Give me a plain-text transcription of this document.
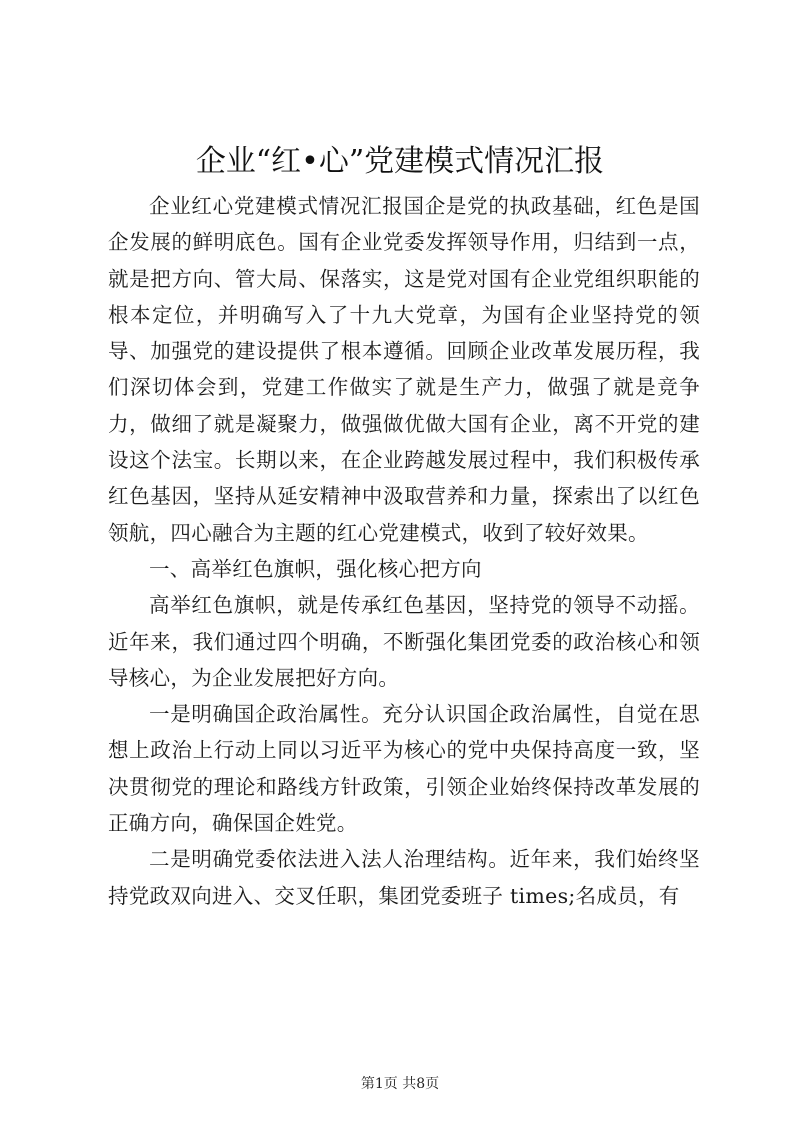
企业“红•心”党建模式情况汇报

企业红心党建模式情况汇报国企是党的执政基础，红色是国企发展的鲜明底色。国有企业党委发挥领导作用，归结到一点，就是把方向、管大局、保落实，这是党对国有企业党组织职能的根本定位，并明确写入了十九大党章，为国有企业坚持党的领导、加强党的建设提供了根本遵循。回顾企业改革发展历程，我们深切体会到，党建工作做实了就是生产力，做强了就是竞争力，做细了就是凝聚力，做强做优做大国有企业，离不开党的建设这个法宝。长期以来，在企业跨越发展过程中，我们积极传承红色基因，坚持从延安精神中汲取营养和力量，探索出了以红色领航，四心融合为主题的红心党建模式，收到了较好效果。

一、高举红色旗帜，强化核心把方向

高举红色旗帜，就是传承红色基因，坚持党的领导不动摇。近年来，我们通过四个明确，不断强化集团党委的政治核心和领导核心，为企业发展把好方向。

一是明确国企政治属性。充分认识国企政治属性，自觉在思想上政治上行动上同以习近平为核心的党中央保持高度一致，坚决贯彻党的理论和路线方针政策，引领企业始终保持改革发展的正确方向，确保国企姓党。

二是明确党委依法进入法人治理结构。近年来，我们始终坚持党政双向进入、交叉任职，集团党委班子 times;名成员，有

第1页 共8页
